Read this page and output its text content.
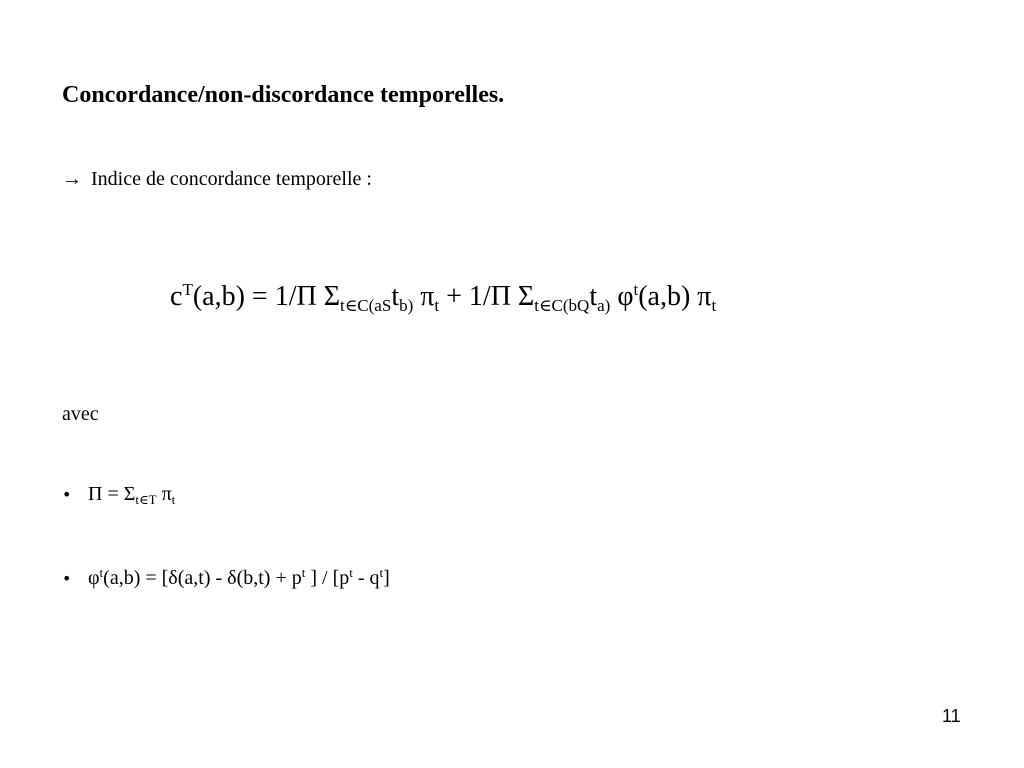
Concordance/non-discordance temporelles.
→ Indice de concordance temporelle :
$c^T(a,b) = 1/\Pi$ $\Sigma_{t\in C(aS}t_{b)}$ $\pi_t + 1/\Pi$ $\Sigma_{t\in C(bQ}t_{a)}$ $\varphi^t(a,b)$ $\pi_t$
avec
• $\Pi = \Sigma_{t\in T}$ $\pi_t$
• $\varphi^t(a,b) = [\delta(a,t) - \delta(b,t) + p^t$ ] / $[p^t - q^t]$
11
